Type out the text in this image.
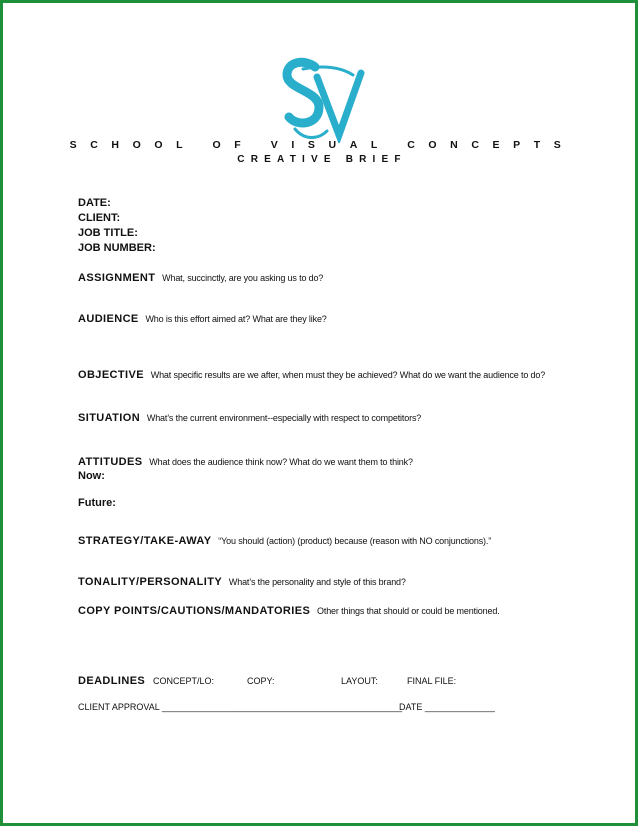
SCHOOL OF VISUAL CONCEPTS
CREATIVE BRIEF
DATE:
CLIENT:
JOB TITLE:
JOB NUMBER:
ASSIGNMENT What, succinctly, are you asking us to do?
AUDIENCE Who is this effort aimed at? What are they like?
OBJECTIVE What specific results are we after, when must they be achieved? What do we want the audience to do?
SITUATION What’s the current environment--especially with respect to competitors?
ATTITUDES What does the audience think now? What do we want them to think?
Now:
Future:
STRATEGY/TAKE-AWAY “You should (action) (product) because (reason with NO conjunctions).”
TONALITY/PERSONALITY What’s the personality and style of this brand?
COPY POINTS/CAUTIONS/MANDATORIES Other things that should or could be mentioned.
DEADLINES CONCEPT/LO:	COPY:	LAYOUT:	FINAL FILE:
CLIENT APPROVAL ________________________________________________
DATE ______________
